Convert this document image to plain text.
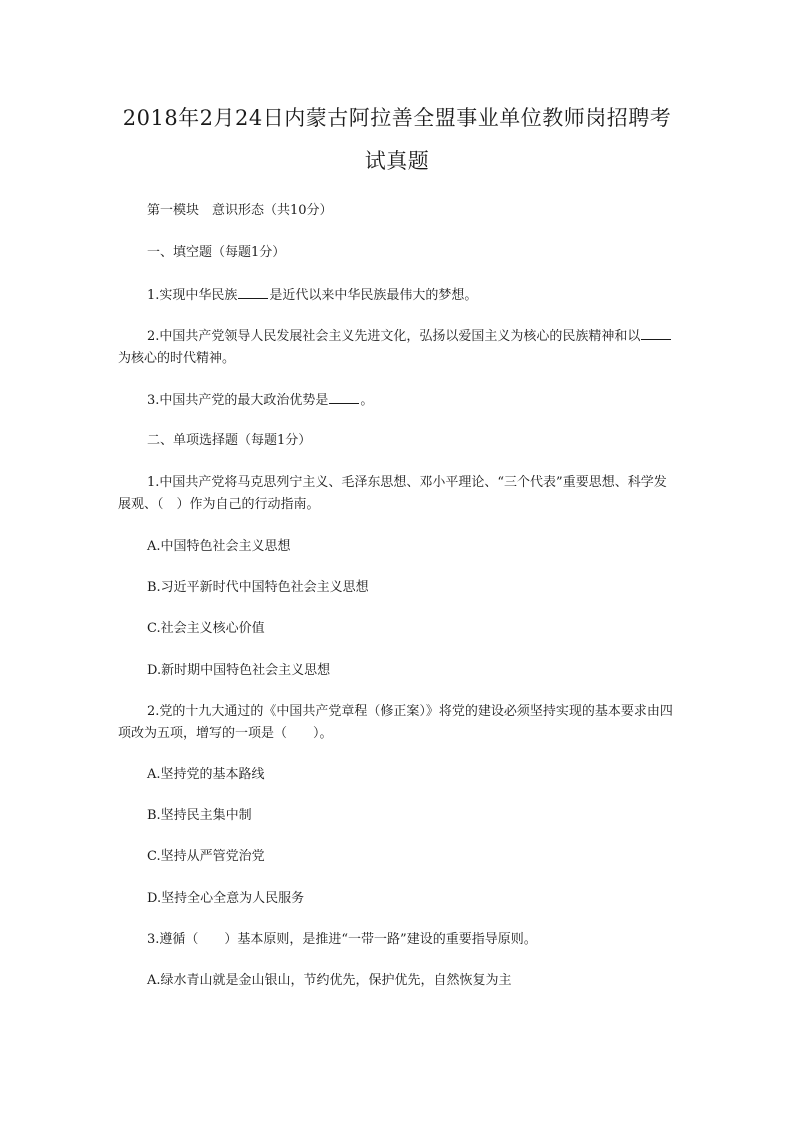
2018年2月24日内蒙古阿拉善全盟事业单位教师岗招聘考
试真题
第一模块　意识形态（共10分）
一、填空题（每题1分）
1.实现中华民族 是近代以来中华民族最伟大的梦想。
2.中国共产党领导人民发展社会主义先进文化，弘扬以爱国主义为核心的民族精神和以为核心的时代精神。
3.中国共产党的最大政治优势是 。
二、单项选择题（每题1分）
1.中国共产党将马克思列宁主义、毛泽东思想、邓小平理论、“三个代表”重要思想、科学发展观、（　）作为自己的行动指南。
A.中国特色社会主义思想
B.习近平新时代中国特色社会主义思想
C.社会主义核心价值
D.新时期中国特色社会主义思想
2.党的十九大通过的《中国共产党章程（修正案）》将党的建设必须坚持实现的基本要求由四项改为五项，增写的一项是（　　）。
A.坚持党的基本路线
B.坚持民主集中制
C.坚持从严管党治党
D.坚持全心全意为人民服务
3.遵循（　　）基本原则，是推进“一带一路”建设的重要指导原则。
A.绿水青山就是金山银山，节约优先，保护优先，自然恢复为主
